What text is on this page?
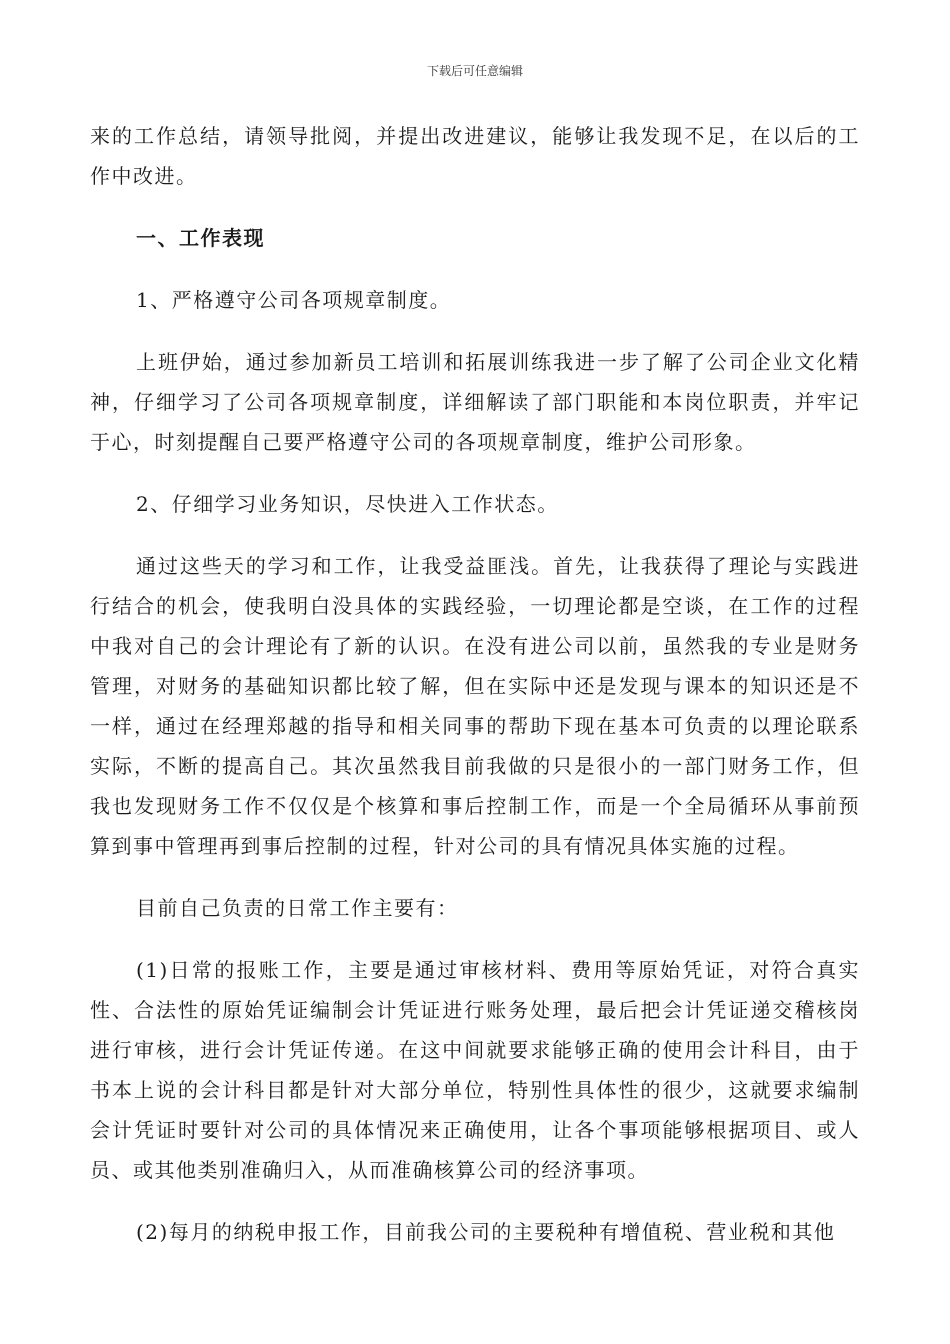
下载后可任意编辑

来的工作总结，请领导批阅，并提出改进建议，能够让我发现不足，在以后的工作中改进。

一、工作表现

1、严格遵守公司各项规章制度。

上班伊始，通过参加新员工培训和拓展训练我进一步了解了公司企业文化精神，仔细学习了公司各项规章制度，详细解读了部门职能和本岗位职责，并牢记于心，时刻提醒自己要严格遵守公司的各项规章制度，维护公司形象。

2、仔细学习业务知识，尽快进入工作状态。

通过这些天的学习和工作，让我受益匪浅。首先，让我获得了理论与实践进行结合的机会，使我明白没具体的实践经验，一切理论都是空谈，在工作的过程中我对自己的会计理论有了新的认识。在没有进公司以前，虽然我的专业是财务管理，对财务的基础知识都比较了解，但在实际中还是发现与课本的知识还是不一样，通过在经理郑越的指导和相关同事的帮助下现在基本可负责的以理论联系实际，不断的提高自己。其次虽然我目前我做的只是很小的一部门财务工作，但我也发现财务工作不仅仅是个核算和事后控制工作，而是一个全局循环从事前预算到事中管理再到事后控制的过程，针对公司的具有情况具体实施的过程。

目前自己负责的日常工作主要有：

(1)日常的报账工作，主要是通过审核材料、费用等原始凭证，对符合真实性、合法性的原始凭证编制会计凭证进行账务处理，最后把会计凭证递交稽核岗进行审核，进行会计凭证传递。在这中间就要求能够正确的使用会计科目，由于书本上说的会计科目都是针对大部分单位，特别性具体性的很少，这就要求编制会计凭证时要针对公司的具体情况来正确使用，让各个事项能够根据项目、或人员、或其他类别准确归入，从而准确核算公司的经济事项。

(2)每月的纳税申报工作，目前我公司的主要税种有增值税、营业税和其他
